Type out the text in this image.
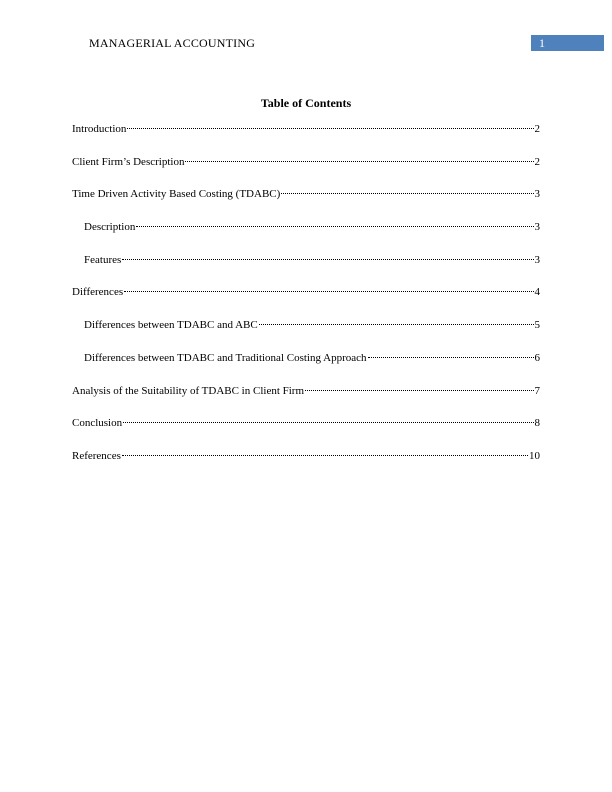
MANAGERIAL ACCOUNTING	1
Table of Contents
Introduction	2
Client Firm’s Description	2
Time Driven Activity Based Costing (TDABC)	3
Description	3
Features	3
Differences	4
Differences between TDABC and ABC	5
Differences between TDABC and Traditional Costing Approach	6
Analysis of the Suitability of TDABC in Client Firm	7
Conclusion	8
References	10
